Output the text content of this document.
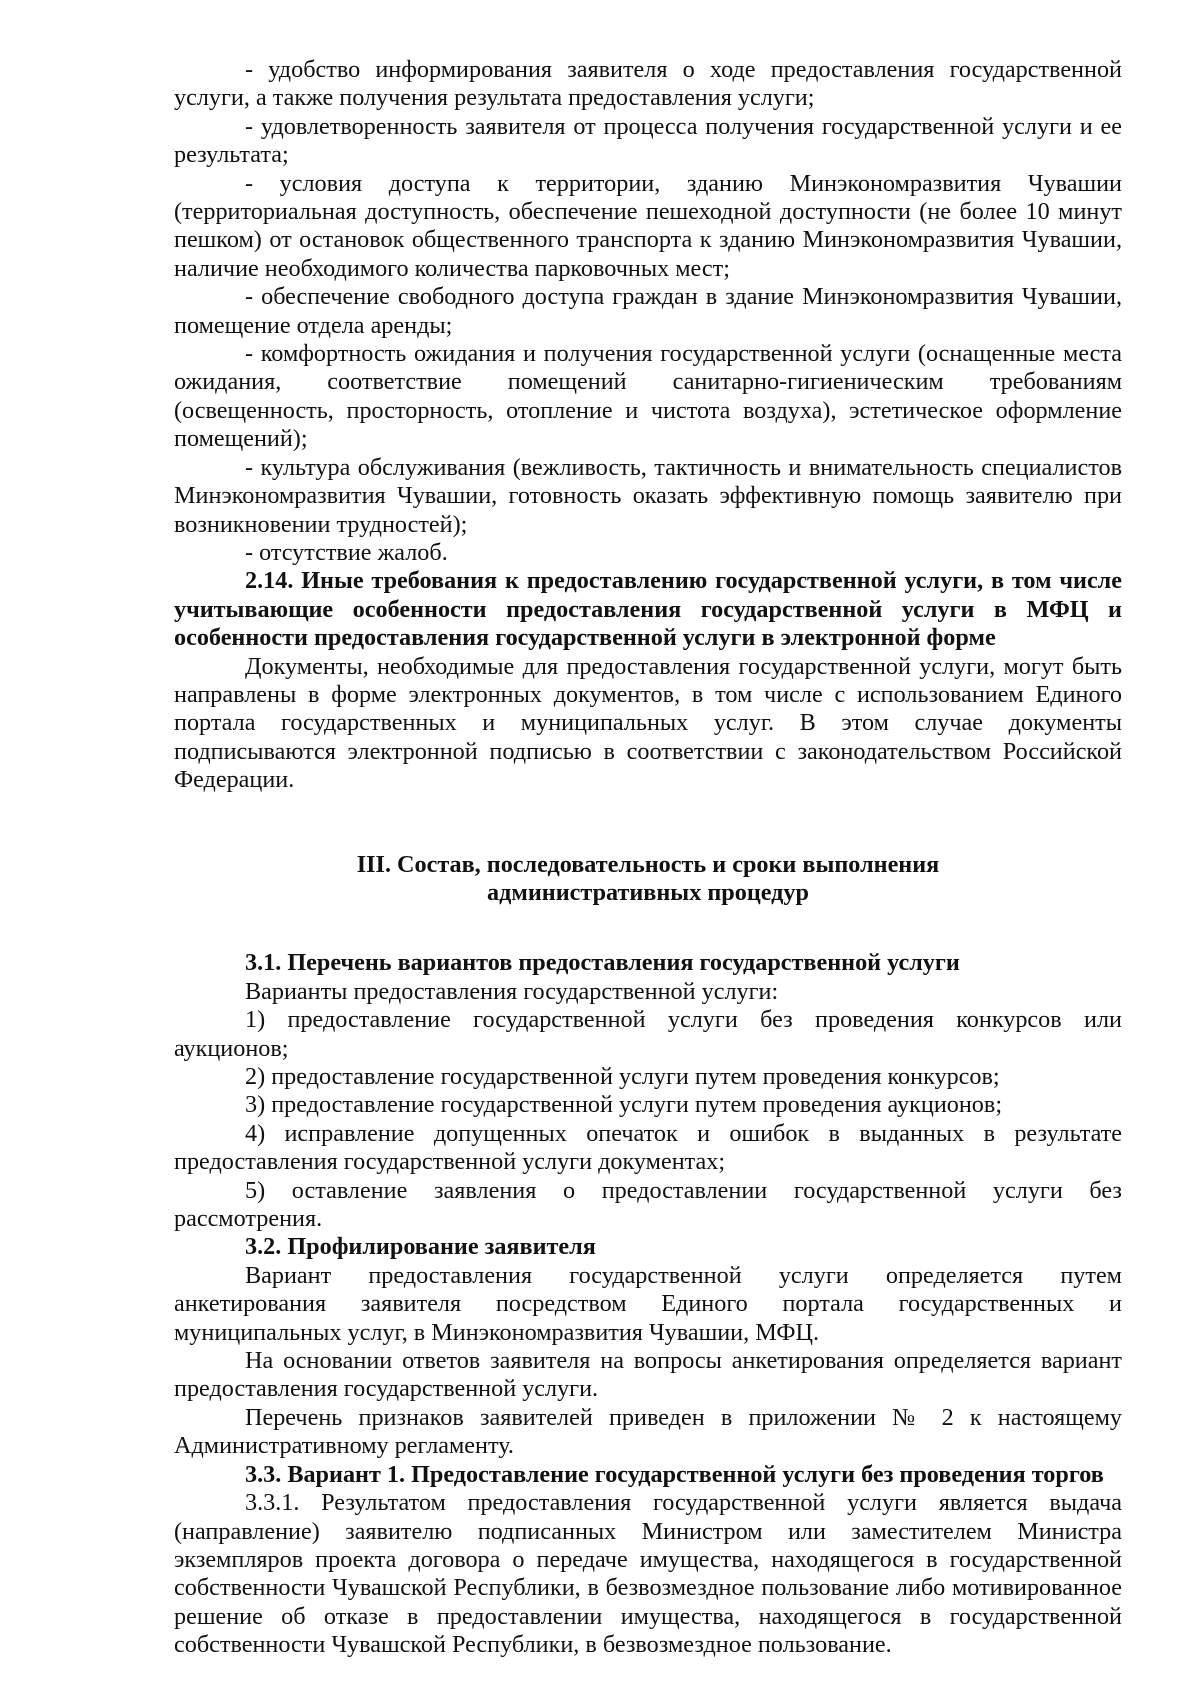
- удобство информирования заявителя о ходе предоставления государственной услуги, а также получения результата предоставления услуги;

- удовлетворенность заявителя от процесса получения государственной услуги и ее результата;

- условия доступа к территории, зданию Минэкономразвития Чувашии (территориальная доступность, обеспечение пешеходной доступности (не более 10 минут пешком) от остановок общественного транспорта к зданию Минэкономразвития Чувашии, наличие необходимого количества парковочных мест;

- обеспечение свободного доступа граждан в здание Минэкономразвития Чувашии, помещение отдела аренды;

- комфортность ожидания и получения государственной услуги (оснащенные места ожидания, соответствие помещений санитарно-гигиеническим требованиям (освещенность, просторность, отопление и чистота воздуха), эстетическое оформление помещений);

- культура обслуживания (вежливость, тактичность и внимательность специалистов Минэкономразвития Чувашии, готовность оказать эффективную помощь заявителю при возникновении трудностей);

- отсутствие жалоб.

2.14. Иные требования к предоставлению государственной услуги, в том числе учитывающие особенности предоставления государственной услуги в МФЦ и особенности предоставления государственной услуги в электронной форме

Документы, необходимые для предоставления государственной услуги, могут быть направлены в форме электронных документов, в том числе с использованием Единого портала государственных и муниципальных услуг. В этом случае документы подписываются электронной подписью в соответствии с законодательством Российской Федерации.

III. Состав, последовательность и сроки выполнения

административных процедур

3.1. Перечень вариантов предоставления государственной услуги

Варианты предоставления государственной услуги:

1) предоставление государственной услуги без проведения конкурсов или аукционов;

2) предоставление государственной услуги путем проведения конкурсов;

3) предоставление государственной услуги путем проведения аукционов;

4) исправление допущенных опечаток и ошибок в выданных в результате предоставления государственной услуги документах;

5) оставление заявления о предоставлении государственной услуги без рассмотрения.

3.2. Профилирование заявителя

Вариант предоставления государственной услуги определяется путем анкетирования заявителя посредством Единого портала государственных и муниципальных услуг, в Минэкономразвития Чувашии, МФЦ.

На основании ответов заявителя на вопросы анкетирования определяется вариант предоставления государственной услуги.

Перечень признаков заявителей приведен в приложении № 2 к настоящему Административному регламенту.

3.3. Вариант 1. Предоставление государственной услуги без проведения торгов

3.3.1. Результатом предоставления государственной услуги является выдача (направление) заявителю подписанных Министром или заместителем Министра экземпляров проекта договора о передаче имущества, находящегося в государственной собственности Чувашской Республики, в безвозмездное пользование либо мотивированное решение об отказе в предоставлении имущества, находящегося в государственной собственности Чувашской Республики, в безвозмездное пользование.
